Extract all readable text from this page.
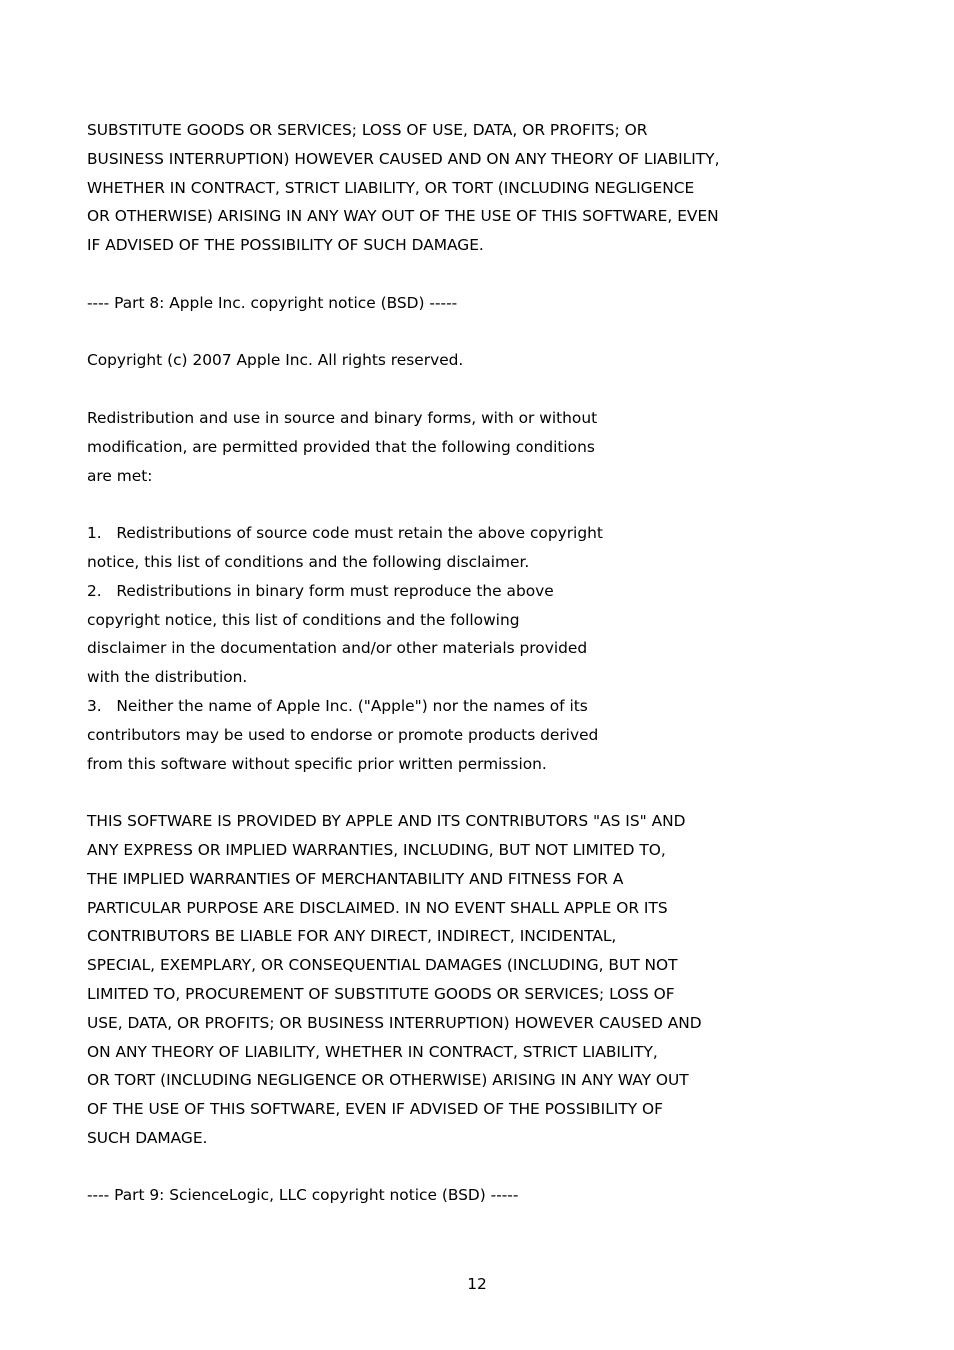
SUBSTITUTE GOODS OR SERVICES; LOSS OF USE, DATA, OR PROFITS; OR
BUSINESS INTERRUPTION) HOWEVER CAUSED AND ON ANY THEORY OF LIABILITY,
WHETHER IN CONTRACT, STRICT LIABILITY, OR TORT (INCLUDING NEGLIGENCE
OR OTHERWISE) ARISING IN ANY WAY OUT OF THE USE OF THIS SOFTWARE, EVEN
IF ADVISED OF THE POSSIBILITY OF SUCH DAMAGE.
---- Part 8: Apple Inc. copyright notice (BSD) -----
Copyright (c) 2007 Apple Inc. All rights reserved.
Redistribution and use in source and binary forms, with or without
modification, are permitted provided that the following conditions
are met:
1.   Redistributions of source code must retain the above copyright
notice, this list of conditions and the following disclaimer.
2.   Redistributions in binary form must reproduce the above
copyright notice, this list of conditions and the following
disclaimer in the documentation and/or other materials provided
with the distribution.
3.   Neither the name of Apple Inc. ("Apple") nor the names of its
contributors may be used to endorse or promote products derived
from this software without specific prior written permission.
THIS SOFTWARE IS PROVIDED BY APPLE AND ITS CONTRIBUTORS "AS IS" AND
ANY EXPRESS OR IMPLIED WARRANTIES, INCLUDING, BUT NOT LIMITED TO,
THE IMPLIED WARRANTIES OF MERCHANTABILITY AND FITNESS FOR A
PARTICULAR PURPOSE ARE DISCLAIMED. IN NO EVENT SHALL APPLE OR ITS
CONTRIBUTORS BE LIABLE FOR ANY DIRECT, INDIRECT, INCIDENTAL,
SPECIAL, EXEMPLARY, OR CONSEQUENTIAL DAMAGES (INCLUDING, BUT NOT
LIMITED TO, PROCUREMENT OF SUBSTITUTE GOODS OR SERVICES; LOSS OF
USE, DATA, OR PROFITS; OR BUSINESS INTERRUPTION) HOWEVER CAUSED AND
ON ANY THEORY OF LIABILITY, WHETHER IN CONTRACT, STRICT LIABILITY,
OR TORT (INCLUDING NEGLIGENCE OR OTHERWISE) ARISING IN ANY WAY OUT
OF THE USE OF THIS SOFTWARE, EVEN IF ADVISED OF THE POSSIBILITY OF
SUCH DAMAGE.
---- Part 9: ScienceLogic, LLC copyright notice (BSD) -----
12
